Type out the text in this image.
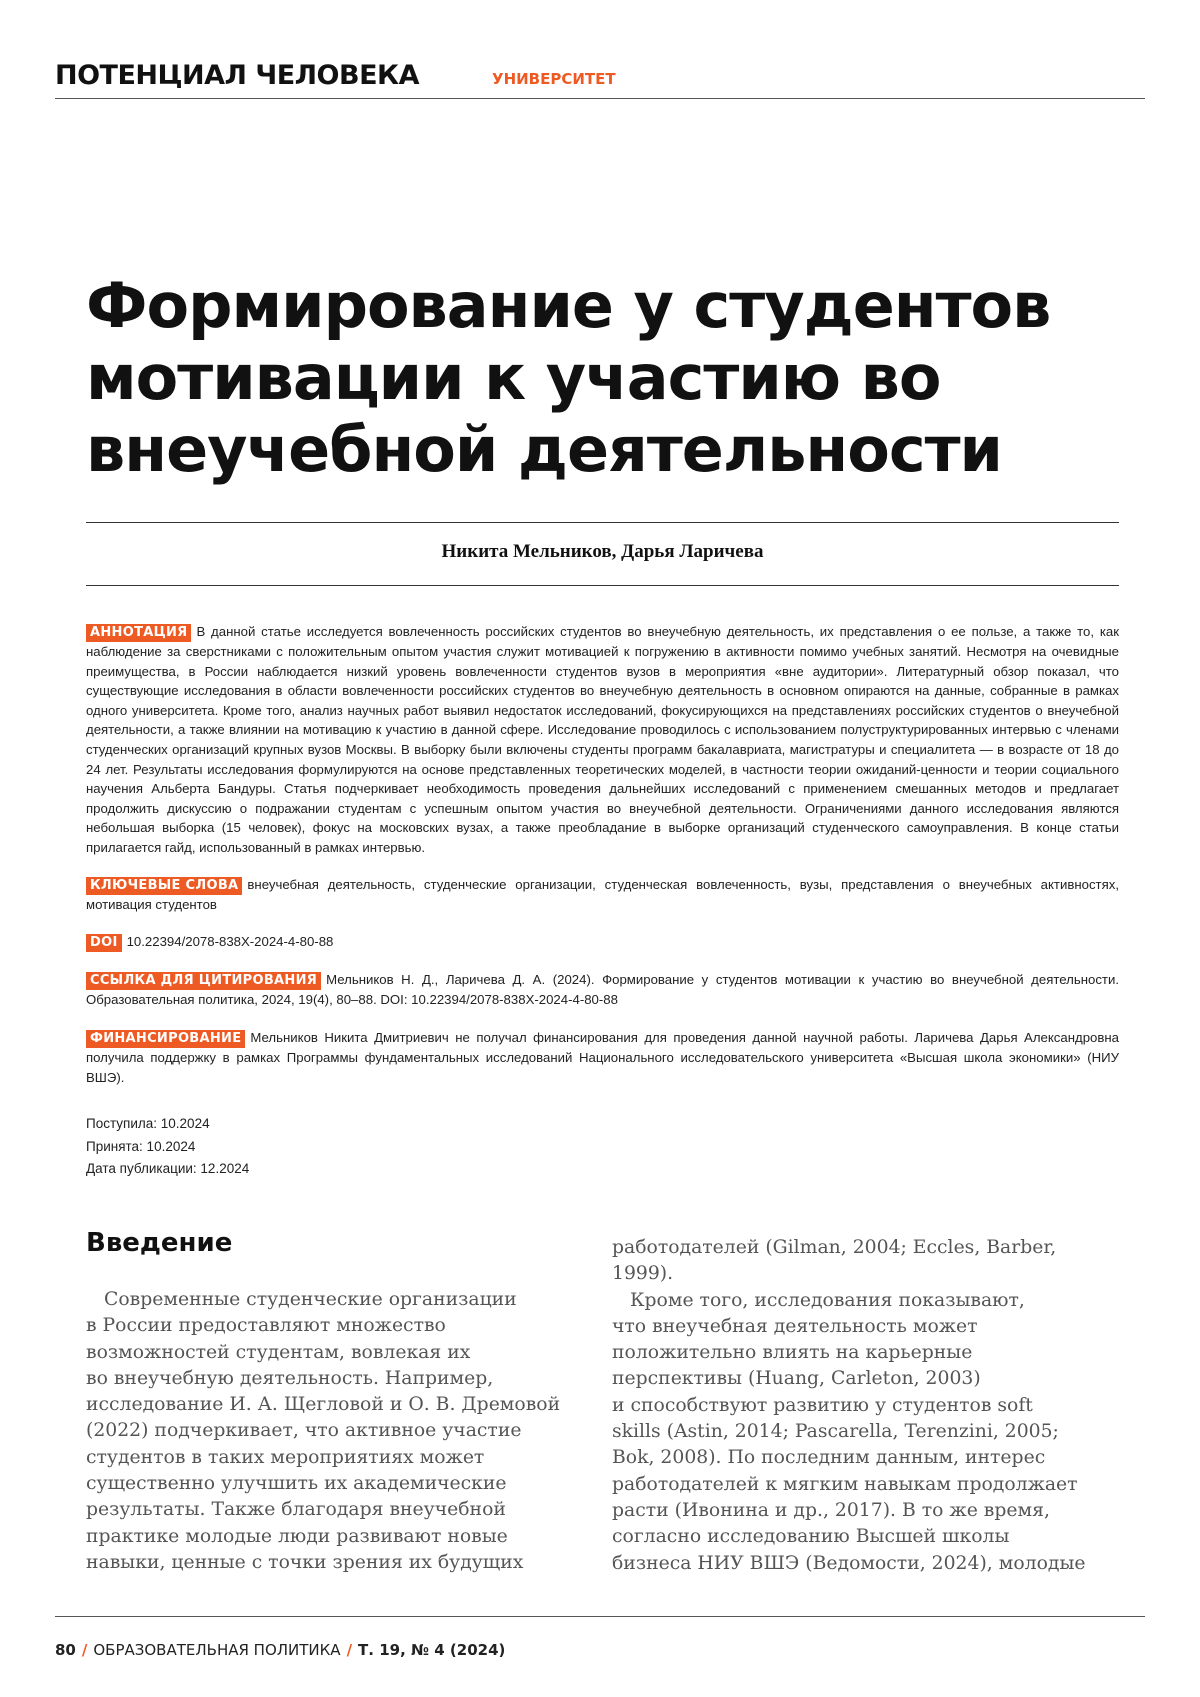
ПОТЕНЦИАЛ ЧЕЛОВЕКА	УНИВЕРСИТЕТ
Формирование у студентов
мотивации к участию во
внеучебной деятельности
Никита Мельников, Дарья Ларичева
АННОТАЦИЯ В данной статье исследуется вовлеченность российских студентов во внеучебную деятельность, их представления о ее пользе, а также то, как наблюдение за сверстниками с положительным опытом участия служит мотивацией к погружению в активности помимо учебных занятий. Несмотря на очевидные преимущества, в России наблюдается низкий уровень вовлеченности студентов вузов в мероприятия «вне аудитории». Литературный обзор показал, что существующие исследования в области вовлеченности российских студентов во внеучебную деятельность в основном опираются на данные, собранные в рамках одного университета. Кроме того, анализ научных работ выявил недостаток исследований, фокусирующихся на представлениях российских студентов о внеучебной деятельности, а также влиянии на мотивацию к участию в данной сфере. Исследование проводилось с использованием полуструктурированных интервью с членами студенческих организаций крупных вузов Москвы. В выборку были включены студенты программ бакалавриата, магистратуры и специалитета — в возрасте от 18 до 24 лет. Результаты исследования формулируются на основе представленных теоретических моделей, в частности теории ожиданий-ценности и теории социального научения Альберта Бандуры. Статья подчеркивает необходимость проведения дальнейших исследований с применением смешанных методов и предлагает продолжить дискуссию о подражании студентам с успешным опытом участия во внеучебной деятельности. Ограничениями данного исследования являются небольшая выборка (15 человек), фокус на московских вузах, а также преобладание в выборке организаций студенческого самоуправления. В конце статьи прилагается гайд, использованный в рамках интервью.
КЛЮЧЕВЫЕ СЛОВА внеучебная деятельность, студенческие организации, студенческая вовлеченность, вузы, представления о внеучебных активностях, мотивация студентов
DOI 10.22394/2078-838X-2024-4-80-88
ССЫЛКА ДЛЯ ЦИТИРОВАНИЯ Мельников Н. Д., Ларичева Д. А. (2024). Формирование у студентов мотивации к участию во внеучебной деятельности. Образовательная политика, 2024, 19(4), 80–88. DOI: 10.22394/2078-838X-2024-4-80-88
ФИНАНСИРОВАНИЕ Мельников Никита Дмитриевич не получал финансирования для проведения данной научной работы. Ларичева Дарья Александровна получила поддержку в рамках Программы фундаментальных исследований Национального исследовательского университета «Высшая школа экономики» (НИУ ВШЭ).
Поступила: 10.2024
Принята: 10.2024
Дата публикации: 12.2024
Введение

Современные студенческие организации

в России предоставляют множество

возможностей студентам, вовлекая их

во внеучебную деятельность. Например,

исследование И. А. Щегловой и О. В. Дремовой

(2022) подчеркивает, что активное участие

студентов в таких мероприятиях может

существенно улучшить их академические

результаты. Также благодаря внеучебной

практике молодые люди развивают новые

навыки, ценные с точки зрения их будущих

работодателей (Gilman, 2004; Eccles, Barber,

1999).

Кроме того, исследования показывают,

что внеучебная деятельность может

положительно влиять на карьерные

перспективы (Huang, Carleton, 2003)

и способствуют развитию у студентов soft

skills (Astin, 2014; Pascarella, Terenzini, 2005;

Bok, 2008). По последним данным, интерес

работодателей к мягким навыкам продолжает

расти (Ивонина и др., 2017). В то же время,

согласно исследованию Высшей школы

бизнеса НИУ ВШЭ (Ведомости, 2024), молодые

80 / ОБРАЗОВАТЕЛЬНАЯ ПОЛИТИКА / Т. 19, № 4 (2024)
